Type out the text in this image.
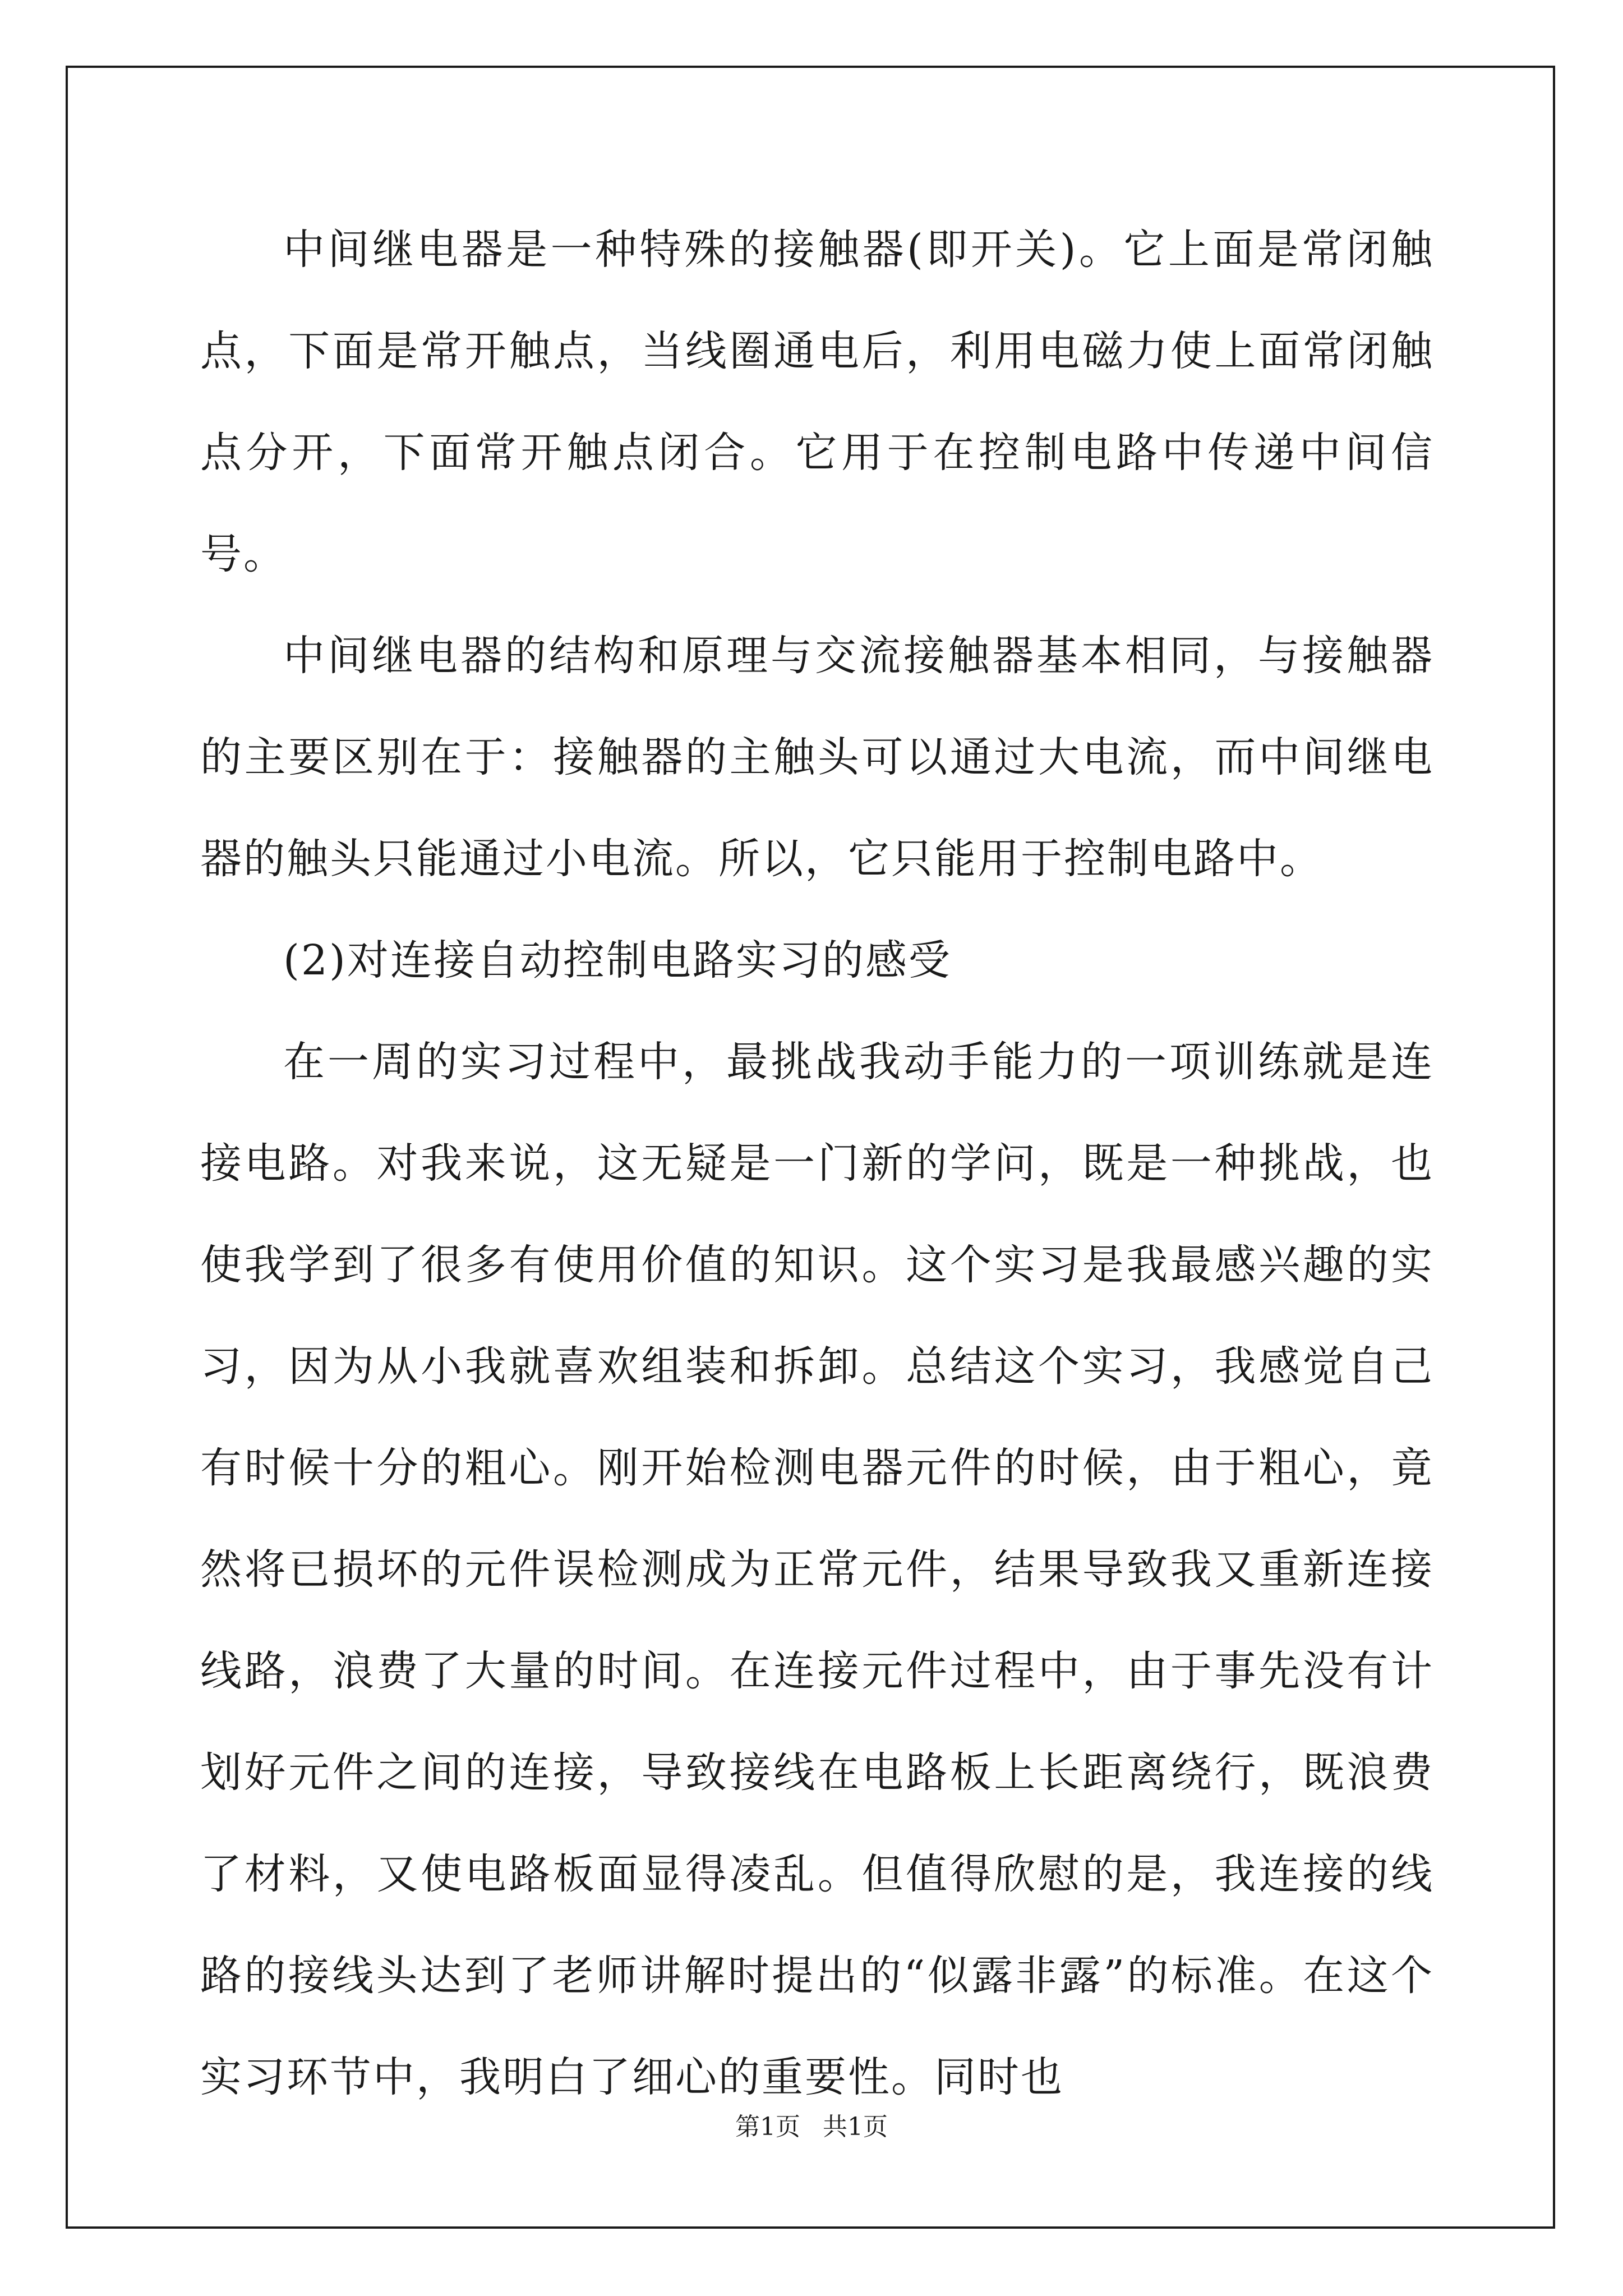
中间继电器是一种特殊的接触器(即开关)。它上面是常闭触点，下面是常开触点，当线圈通电后，利用电磁力使上面常闭触点分开，下面常开触点闭合。它用于在控制电路中传递中间信号。

中间继电器的结构和原理与交流接触器基本相同，与接触器的主要区别在于：接触器的主触头可以通过大电流，而中间继电器的触头只能通过小电流。所以，它只能用于控制电路中。

(2)对连接自动控制电路实习的感受

在一周的实习过程中，最挑战我动手能力的一项训练就是连接电路。对我来说，这无疑是一门新的学问，既是一种挑战，也使我学到了很多有使用价值的知识。这个实习是我最感兴趣的实习，因为从小我就喜欢组装和拆卸。总结这个实习，我感觉自己有时候十分的粗心。刚开始检测电器元件的时候，由于粗心，竟然将已损坏的元件误检测成为正常元件，结果导致我又重新连接线路，浪费了大量的时间。在连接元件过程中，由于事先没有计划好元件之间的连接，导致接线在电路板上长距离绕行，既浪费了材料，又使电路板面显得凌乱。但值得欣慰的是，我连接的线路的接线头达到了老师讲解时提出的“似露非露”的标准。在这个实习环节中，我明白了细心的重要性。同时也

第1页 共1页
